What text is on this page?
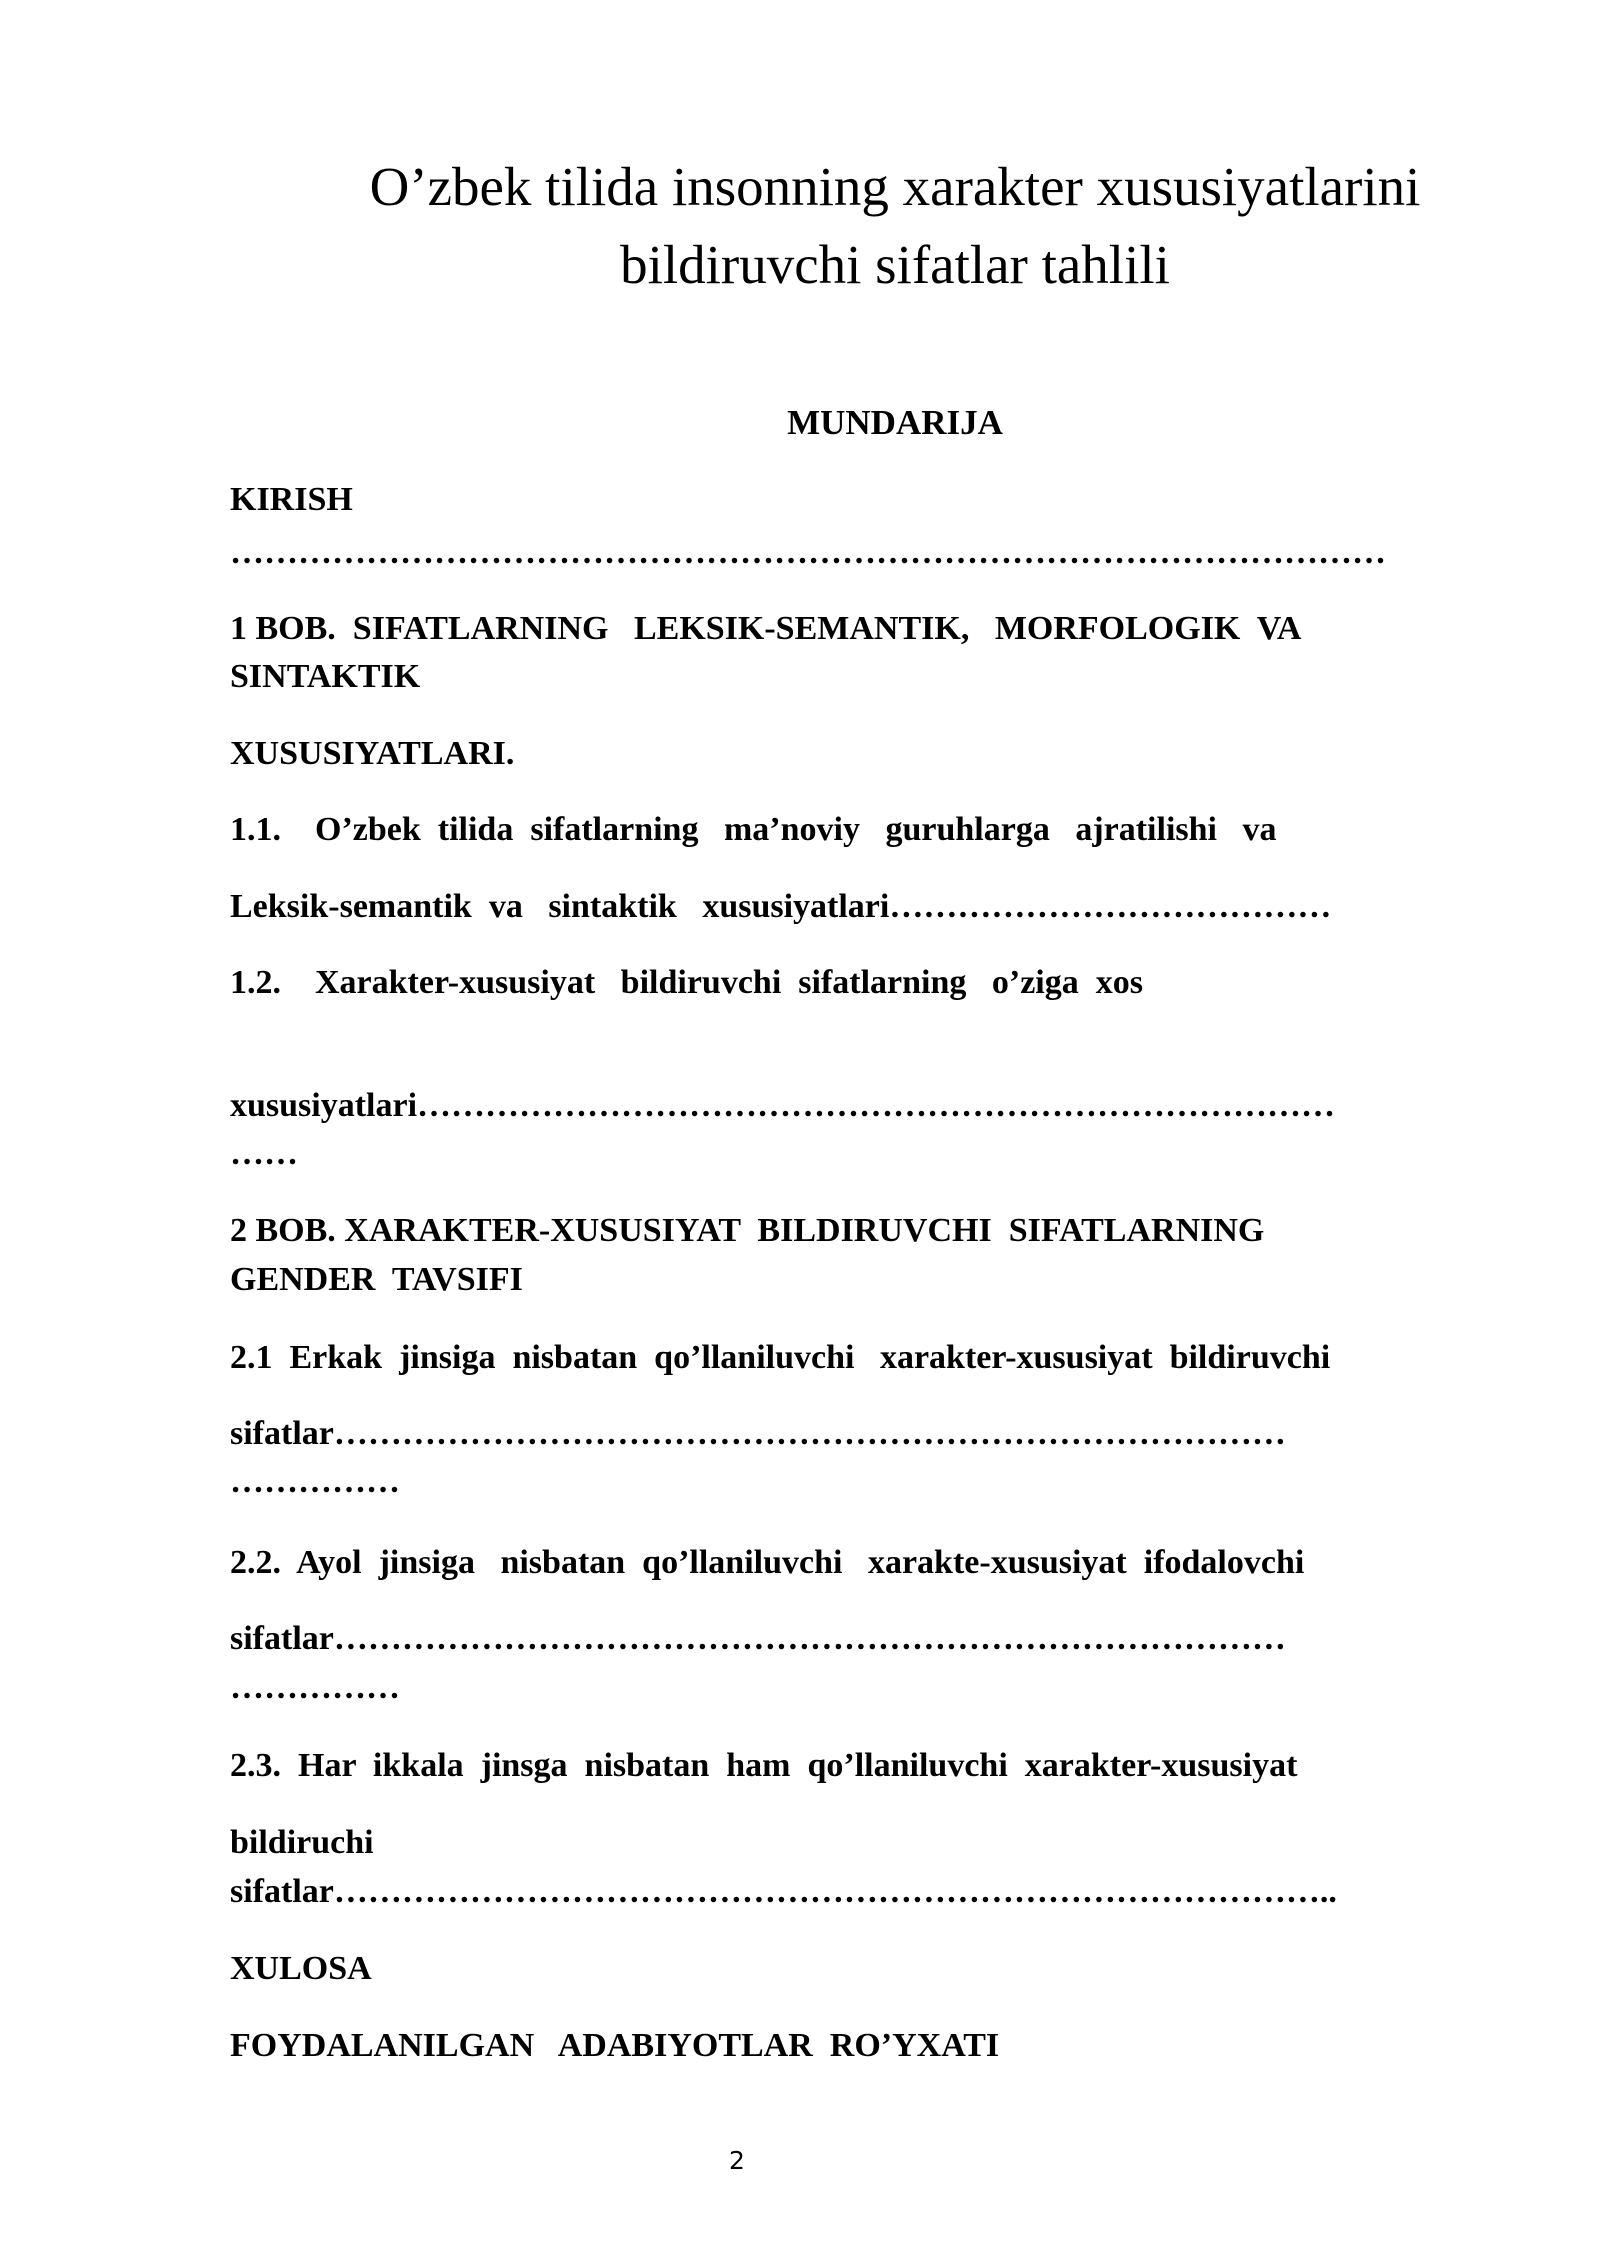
O’zbek tilida insonning xarakter xususiyatlarini
bildiruvchi sifatlar tahlili
MUNDARIJA
KIRISH
…………………………………………………………………………………………
1 BOB.  SIFATLARNING   LEKSIK-SEMANTIK,   MORFOLOGIK  VA
SINTAKTIK
XUSUSIYATLARI.
1.1.    O’zbek  tilida  sifatlarning   ma’noviy   guruhlarga   ajratilishi   va
Leksik-semantik  va   sintaktik   xususiyatlari…………………………………
1.2.    Xarakter-xususiyat   bildiruvchi  sifatlarning   o’ziga  xos
xususiyatlari………………………………………………………………………
……
2 BOB. XARAKTER-XUSUSIYAT  BILDIRUVCHI  SIFATLARNING
GENDER  TAVSIFI
2.1  Erkak  jinsiga  nisbatan  qo’llaniluvchi   xarakter-xususiyat  bildiruvchi
sifatlar…………………………………………………………………………
……………
2.2.  Ayol  jinsiga   nisbatan  qo’llaniluvchi   xarakte-xususiyat  ifodalovchi
sifatlar…………………………………………………………………………
……………
2.3.  Har  ikkala  jinsga  nisbatan  ham  qo’llaniluvchi  xarakter-xususiyat
bildiruchi
sifatlar……………………………………………………………………………..
XULOSA
FOYDALANILGAN   ADABIYOTLAR  RO’YXATI
2
